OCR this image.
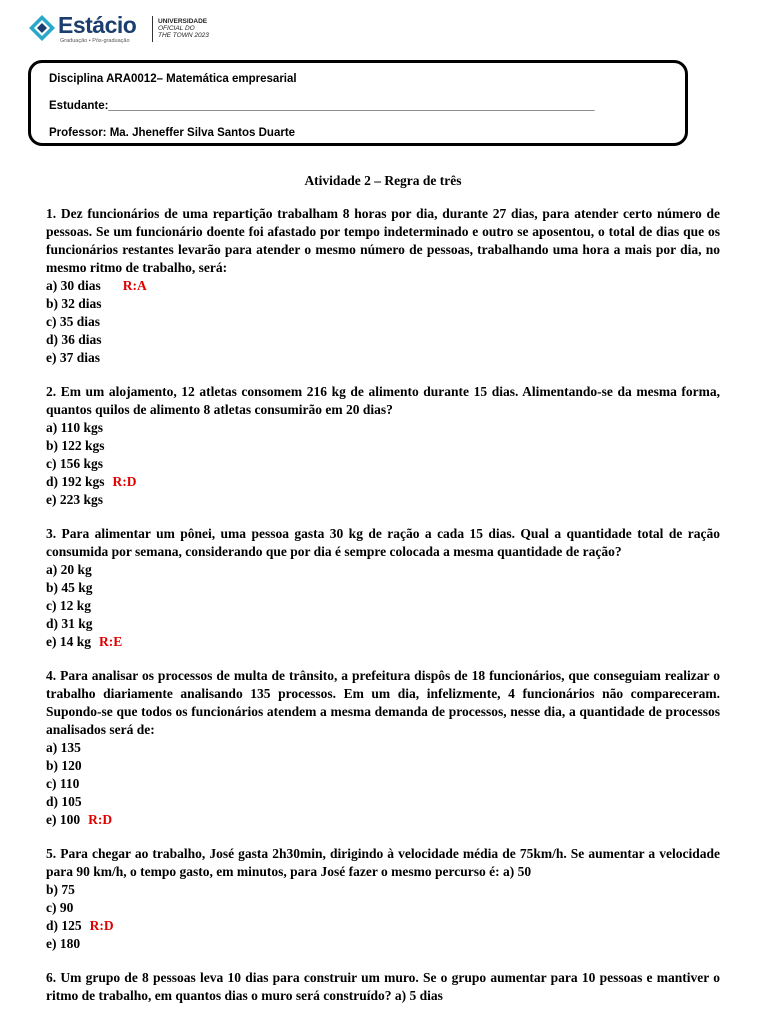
Estácio
Graduação • Pós-graduação
UNIVERSIDADE
OFICIAL DO
THE TOWN 2023
Disciplina ARA0012– Matemática empresarial
Estudante:____________________________________________________________________________
Professor: Ma. Jheneffer Silva Santos Duarte
Atividade 2 – Regra de três
1. Dez funcionários de uma repartição trabalham 8 horas por dia, durante 27 dias, para atender certo número de pessoas. Se um funcionário doente foi afastado por tempo indeterminado e outro se aposentou, o total de dias que os funcionários restantes levarão para atender o mesmo número de pessoas, trabalhando uma hora a mais por dia, no mesmo ritmo de trabalho, será:
a) 30 dias R:A
b) 32 dias
c) 35 dias
d) 36 dias
e) 37 dias
2. Em um alojamento, 12 atletas consomem 216 kg de alimento durante 15 dias. Alimentando-se da mesma forma, quantos quilos de alimento 8 atletas consumirão em 20 dias?
a) 110 kgs
b) 122 kgs
c) 156 kgs
d) 192 kgs R:D
e) 223 kgs
3. Para alimentar um pônei, uma pessoa gasta 30 kg de ração a cada 15 dias. Qual a quantidade total de ração consumida por semana, considerando que por dia é sempre colocada a mesma quantidade de ração?
a) 20 kg
b) 45 kg
c) 12 kg
d) 31 kg
e) 14 kg R:E
4. Para analisar os processos de multa de trânsito, a prefeitura dispôs de 18 funcionários, que conseguiam realizar o trabalho diariamente analisando 135 processos. Em um dia, infelizmente, 4 funcionários não compareceram. Supondo-se que todos os funcionários atendem a mesma demanda de processos, nesse dia, a quantidade de processos analisados será de:
a) 135
b) 120
c) 110
d) 105
e) 100 R:D
5. Para chegar ao trabalho, José gasta 2h30min, dirigindo à velocidade média de 75km/h. Se aumentar a velocidade para 90 km/h, o tempo gasto, em minutos, para José fazer o mesmo percurso é: a) 50
b) 75
c) 90
d) 125 R:D
e) 180
6. Um grupo de 8 pessoas leva 10 dias para construir um muro. Se o grupo aumentar para 10 pessoas e mantiver o ritmo de trabalho, em quantos dias o muro será construído? a) 5 dias
